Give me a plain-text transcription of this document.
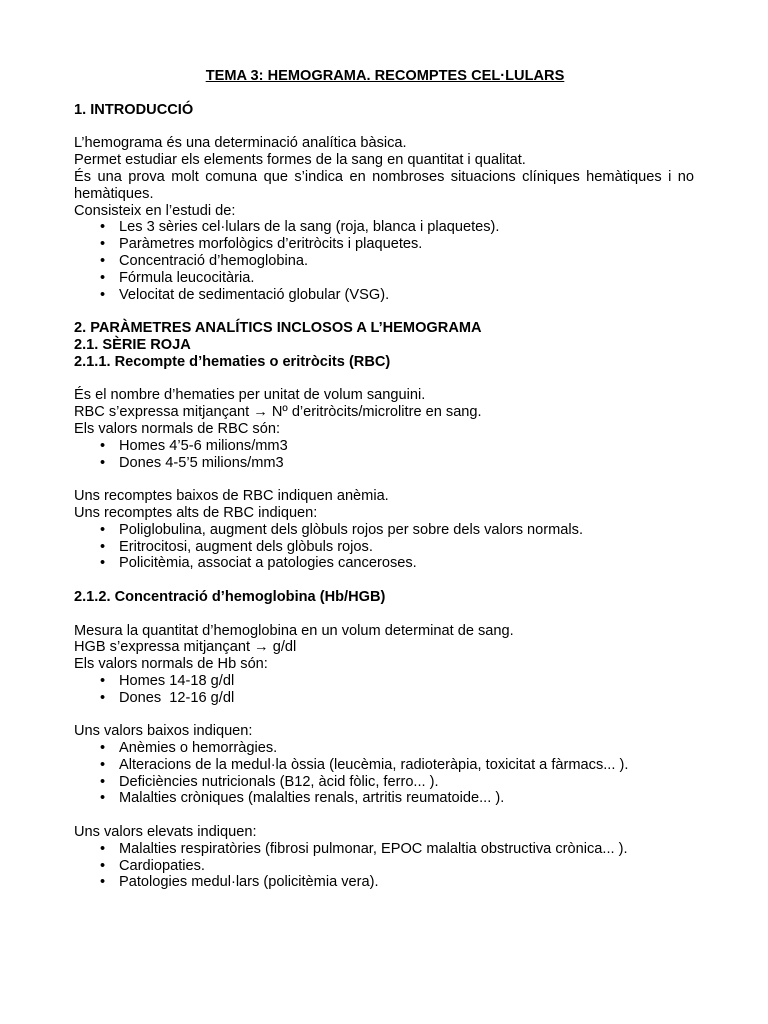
TEMA 3: HEMOGRAMA. RECOMPTES CEL·LULARS

1. INTRODUCCIÓ

L’hemograma és una determinació analítica bàsica.

Permet estudiar els elements formes de la sang en quantitat i qualitat.

És una prova molt comuna que s’indica en nombroses situacions clíniques hemàtiques i no hemàtiques.

Consisteix en l’estudi de:

• Les 3 sèries cel·lulars de la sang (roja, blanca i plaquetes).
• Paràmetres morfològics d’eritròcits i plaquetes.
• Concentració d’hemoglobina.
• Fórmula leucocitària.
• Velocitat de sedimentació globular (VSG).

2. PARÀMETRES ANALÍTICS INCLOSOS A L’HEMOGRAMA

2.1. SÈRIE ROJA

2.1.1. Recompte d’hematies o eritròcits (RBC)

És el nombre d’hematies per unitat de volum sanguini.

RBC s’expressa mitjançant → Nº d’eritròcits/microlitre en sang.

Els valors normals de RBC són:

• Homes 4’5-6 milions/mm3
• Dones 4-5’5 milions/mm3

Uns recomptes baixos de RBC indiquen anèmia.

Uns recomptes alts de RBC indiquen:

• Poliglobulina, augment dels glòbuls rojos per sobre dels valors normals.
• Eritrocitosi, augment dels glòbuls rojos.
• Policitèmia, associat a patologies canceroses.

2.1.2. Concentració d’hemoglobina (Hb/HGB)

Mesura la quantitat d’hemoglobina en un volum determinat de sang.

HGB s’expressa mitjançant → g/dl

Els valors normals de Hb són:

• Homes 14-18 g/dl
• Dones  12-16 g/dl

Uns valors baixos indiquen:

• Anèmies o hemorràgies.
• Alteracions de la medul·la òssia (leucèmia, radioteràpia, toxicitat a fàrmacs... ).
• Deficiències nutricionals (B12, àcid fòlic, ferro... ).
• Malalties cròniques (malalties renals, artritis reumatoide... ).

Uns valors elevats indiquen:

• Malalties respiratòries (fibrosi pulmonar, EPOC malaltia obstructiva crònica... ).
• Cardiopaties.
• Patologies medul·lars (policitèmia vera).
